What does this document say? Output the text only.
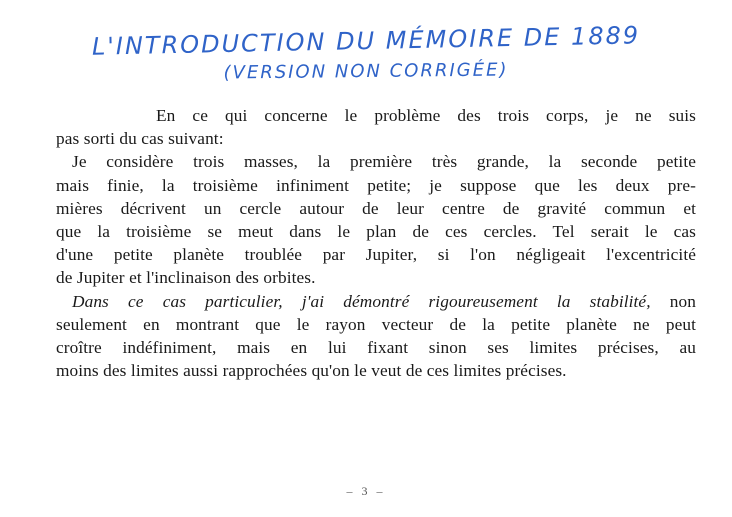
L'INTRODUCTION DU MÉMOIRE DE 1889
(VERSION NON CORRIGÉE)
En ce qui concerne le problème des trois corps, je ne suis
pas sorti du cas suivant:
Je considère trois masses, la première très grande, la seconde petite
mais finie, la troisième infiniment petite; je suppose que les deux pre-
mières décrivent un cercle autour de leur centre de gravité commun et
que la troisième se meut dans le plan de ces cercles. Tel serait le cas
d'une petite planète troublée par Jupiter, si l'on négligeait l'excentricité
de Jupiter et l'inclinaison des orbites.
Dans ce cas particulier, j'ai démontré rigoureusement la stabilité, non
seulement en montrant que le rayon vecteur de la petite planète ne peut
croître indéfiniment, mais en lui fixant sinon ses limites précises, au
moins des limites aussi rapprochées qu'on le veut de ces limites précises.
– 3 –
